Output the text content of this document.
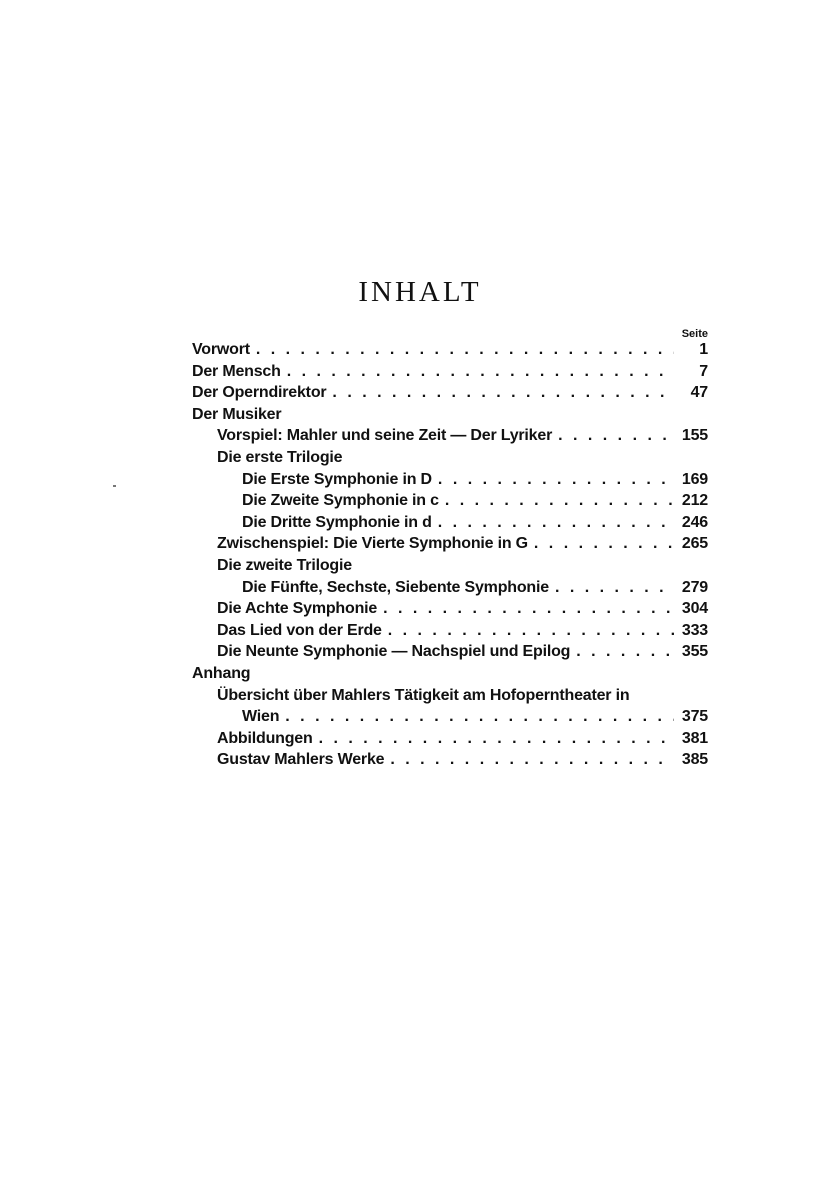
INHALT
Seite
Vorwort . . .	1
Der Mensch . . .	7
Der Operndirektor . . .	47
Der Musiker
Vorspiel: Mahler und seine Zeit — Der Lyriker . . .	155
Die erste Trilogie
Die Erste Symphonie in D . . .	169
Die Zweite Symphonie in c . . .	212
Die Dritte Symphonie in d . . .	246
Zwischenspiel: Die Vierte Symphonie in G . . .	265
Die zweite Trilogie
Die Fünfte, Sechste, Siebente Symphonie . . .	279
Die Achte Symphonie . . .	304
Das Lied von der Erde . . .	333
Die Neunte Symphonie — Nachspiel und Epilog . . .	355
Anhang
Übersicht über Mahlers Tätigkeit am Hofoperntheater in
Wien . . .	375
Abbildungen . . .	381
Gustav Mahlers Werke . . .	385
